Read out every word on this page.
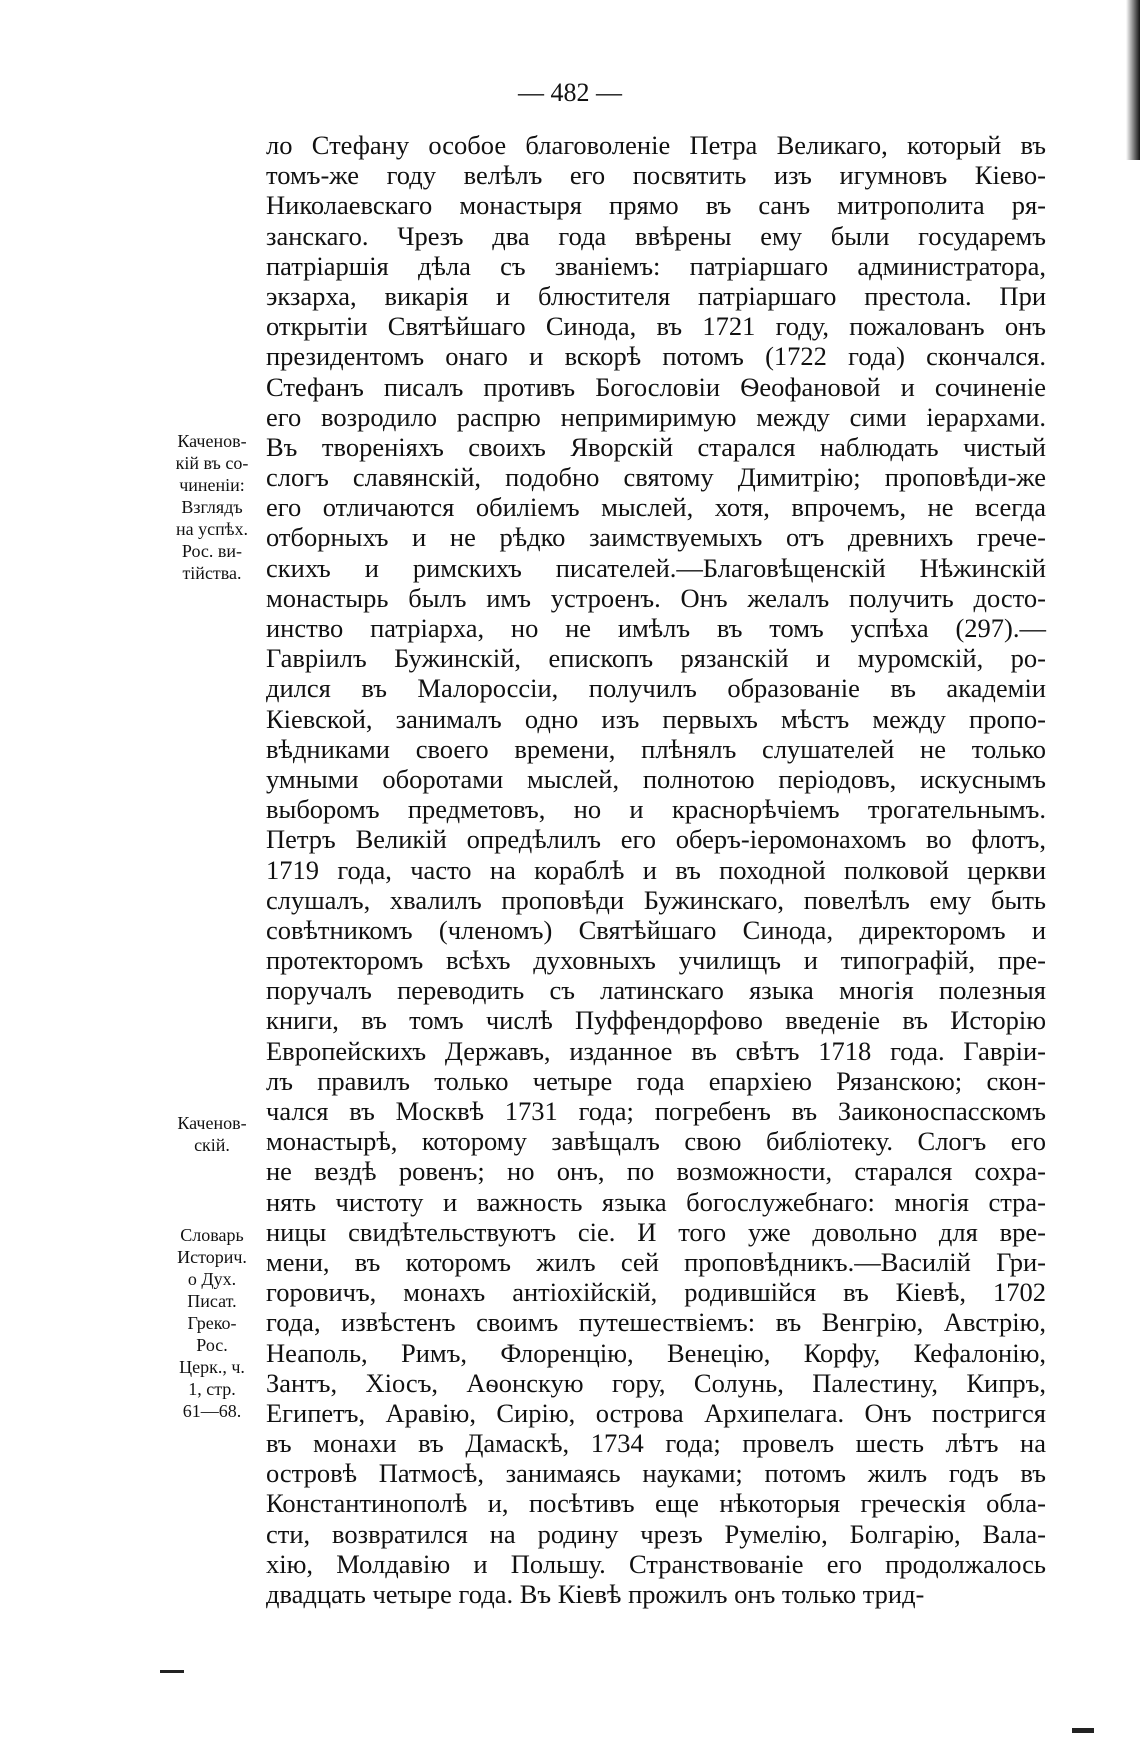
— 482 —
Каченов-
кій въ со-
чиненіи:
Взглядъ
на успѣх.
Рос. ви-
тійства.
Каченов-
скій.
Словарь
Историч.
о Дух.
Писат.
Греко-
Рос.
Церк., ч.
1, стр.
61—68.
ло Стефану особое благоволеніе Петра Великаго, который въ
томъ-же году велѣлъ его посвятить изъ игумновъ Кіево-
Николаевскаго монастыря прямо въ санъ митрополита ря-
занскаго. Чрезъ два года ввѣрены ему были государемъ
патріаршія дѣла съ званіемъ: патріаршаго администратора,
экзарха, викарія и блюстителя патріаршаго престола. При
открытіи Святѣйшаго Синода, въ 1721 году, пожалованъ онъ
президентомъ онаго и вскорѣ потомъ (1722 года) скончался.
Стефанъ писалъ противъ Богословіи Ѳеофановой и сочиненіе
его возродило распрю непримиримую между сими іерархами.
Въ твореніяхъ своихъ Яворскій старался наблюдать чистый
слогъ славянскій, подобно святому Димитрію; проповѣди-же
его отличаются обиліемъ мыслей, хотя, впрочемъ, не всегда
отборныхъ и не рѣдко заимствуемыхъ отъ древнихъ грече-
скихъ и римскихъ писателей.—Благовѣщенскій Нѣжинскій
монастырь былъ имъ устроенъ. Онъ желалъ получить досто-
инство патріарха, но не имѣлъ въ томъ успѣха (297).—
Гавріилъ Бужинскій, епископъ рязанскій и муромскій, ро-
дился въ Малороссіи, получилъ образованіе въ академіи
Кіевской, занималъ одно изъ первыхъ мѣстъ между пропо-
вѣдниками своего времени, плѣнялъ слушателей не только
умными оборотами мыслей, полнотою періодовъ, искуснымъ
выборомъ предметовъ, но и краснорѣчіемъ трогательнымъ.
Петръ Великій опредѣлилъ его оберъ-іеромонахомъ во флотъ,
1719 года, часто на кораблѣ и въ походной полковой церкви
слушалъ, хвалилъ проповѣди Бужинскаго, повелѣлъ ему быть
совѣтникомъ (членомъ) Святѣйшаго Синода, директоромъ и
протекторомъ всѣхъ духовныхъ училищъ и типографій, пре-
поручалъ переводить съ латинскаго языка многія полезныя
книги, въ томъ числѣ Пуффендорфово введеніе въ Исторію
Европейскихъ Державъ, изданное въ свѣтъ 1718 года. Гавріи-
лъ правилъ только четыре года епархіею Рязанскою; скон-
чался въ Москвѣ 1731 года; погребенъ въ Заиконоспасскомъ
монастырѣ, которому завѣщалъ свою библіотеку. Слогъ его
не вездѣ ровенъ; но онъ, по возможности, старался сохра-
нять чистоту и важность языка богослужебнаго: многія стра-
ницы свидѣтельствуютъ сіе. И того уже довольно для вре-
мени, въ которомъ жилъ сей проповѣдникъ.—Василій Гри-
горовичъ, монахъ антіохійскій, родившійся въ Кіевѣ, 1702
года, извѣстенъ своимъ путешествіемъ: въ Венгрію, Австрію,
Неаполь, Римъ, Флоренцію, Венецію, Корфу, Кефалонію,
Зантъ, Хіосъ, Аѳонскую гору, Солунь, Палестину, Кипръ,
Египетъ, Аравію, Сирію, острова Архипелага. Онъ постригся
въ монахи въ Дамаскѣ, 1734 года; провелъ шесть лѣтъ на
островѣ Патмосѣ, занимаясь науками; потомъ жилъ годъ въ
Константинополѣ и, посѣтивъ еще нѣкоторыя греческія обла-
сти, возвратился на родину чрезъ Румелію, Болгарію, Вала-
хію, Молдавію и Польшу. Странствованіе его продолжалось
двадцать четыре года. Въ Кіевѣ прожилъ онъ только трид-
